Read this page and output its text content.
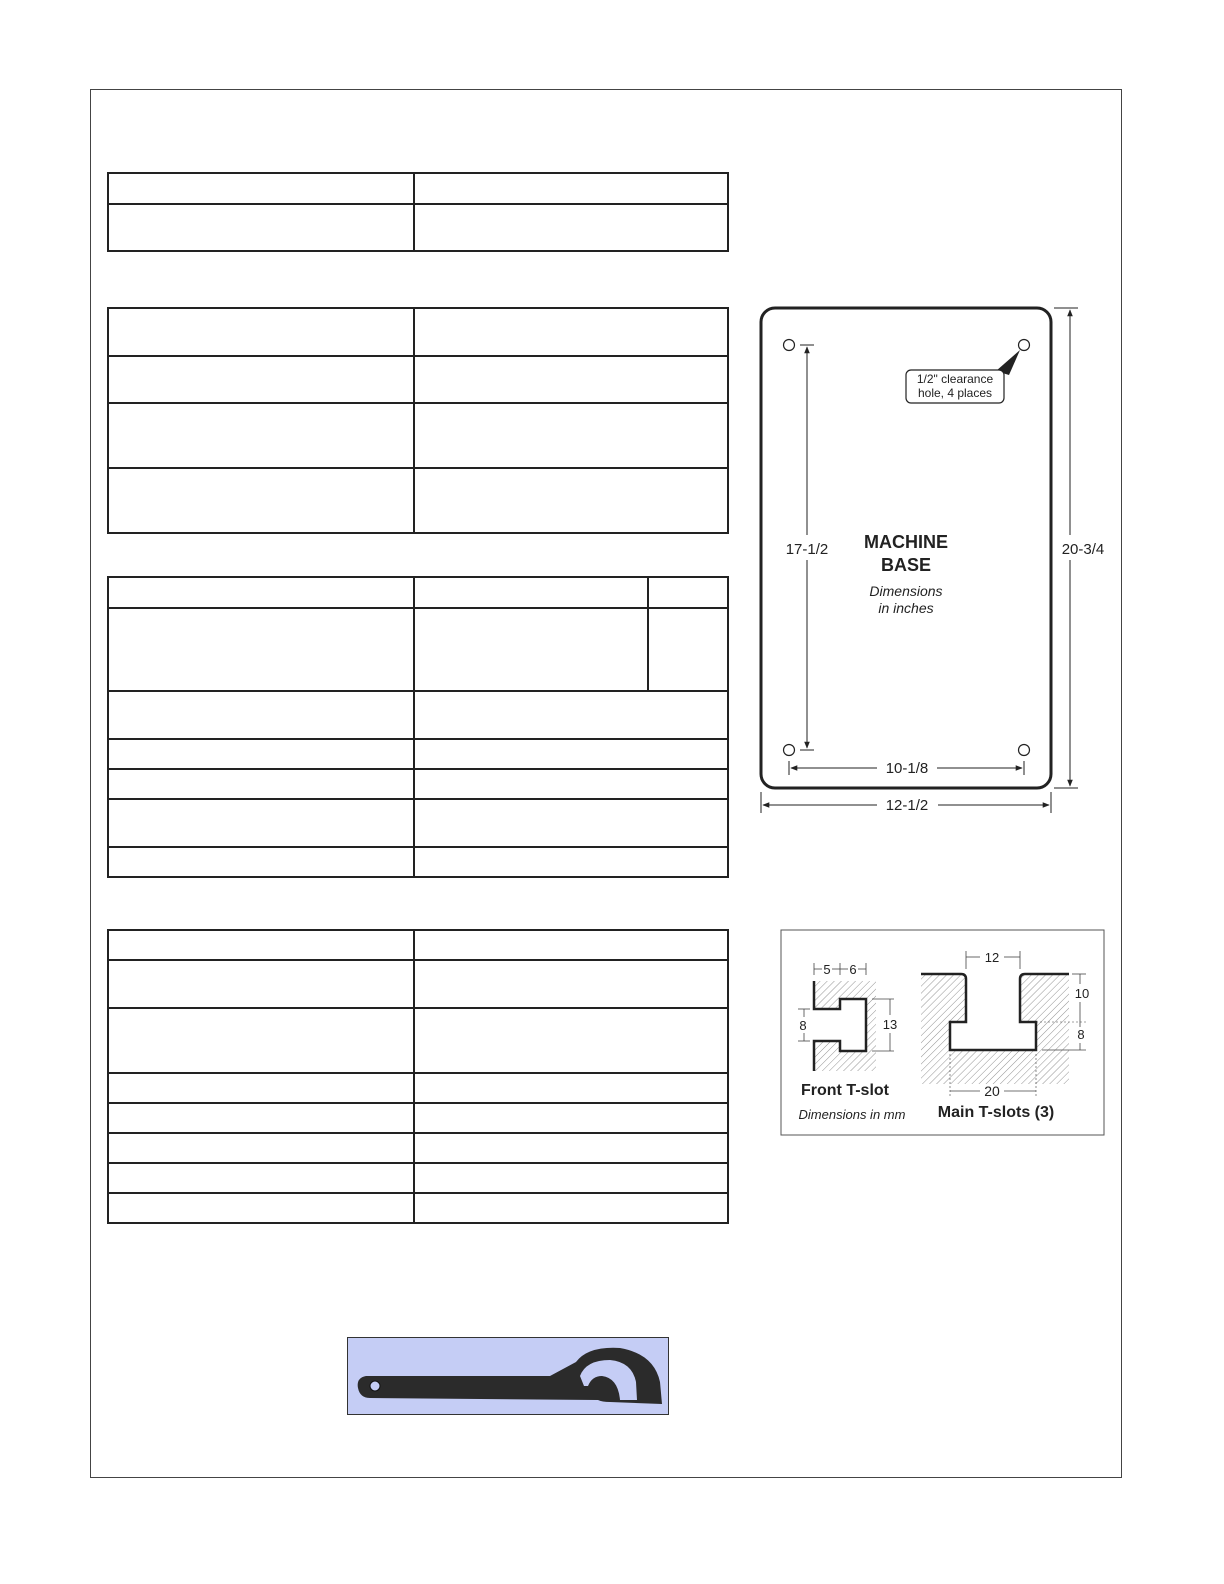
1/2" clearance
hole, 4 places
17-1/2	20-3/4
MACHINE
BASE
Dimensions
in inches
10-1/8
12-1/2
5 6
8	13
Front T-slot
Dimensions in mm
12
10
8
20
Main T-slots (3)
